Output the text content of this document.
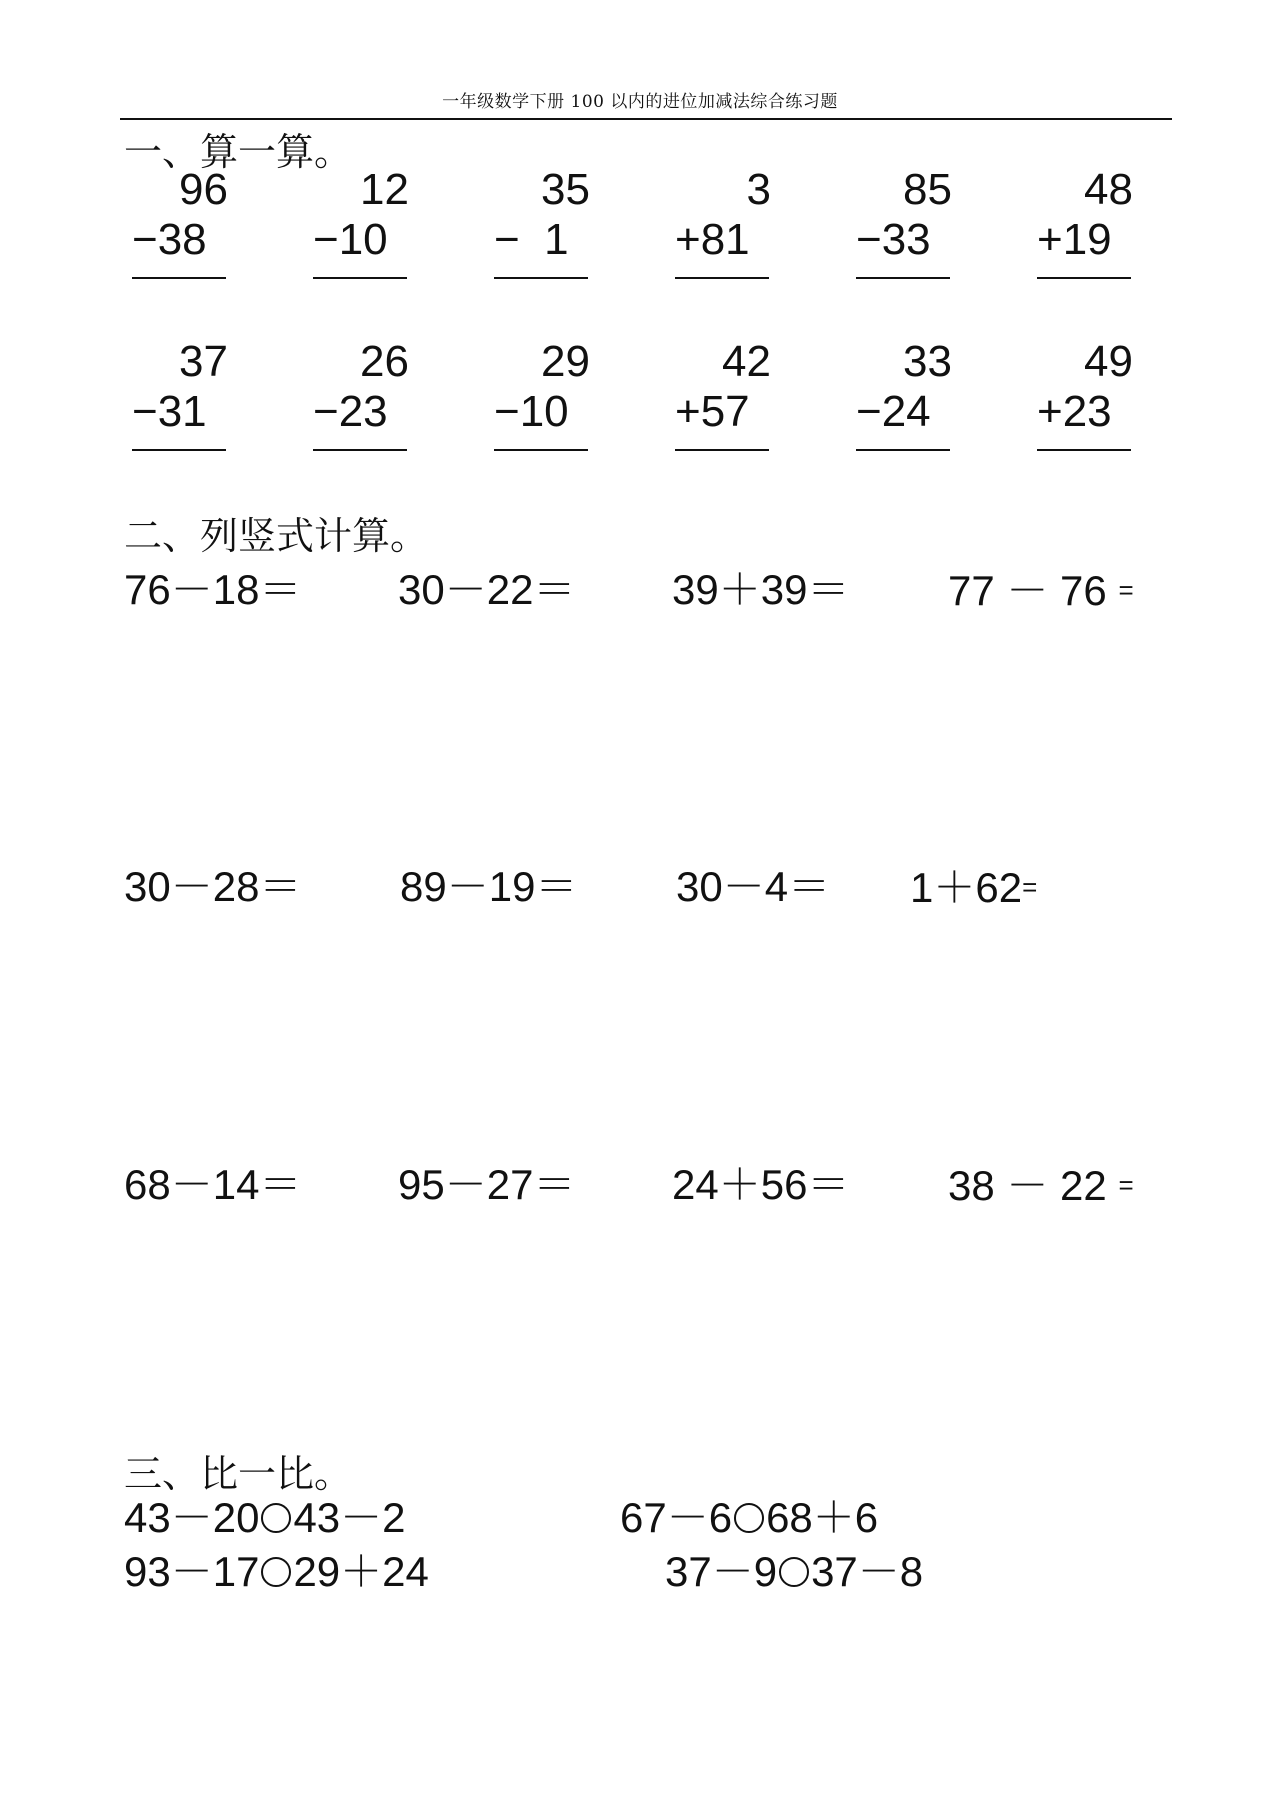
一年级数学下册 100 以内的进位加减法综合练习题
一、算一算。
96
−38
12
−10
35
−  1
3
+81
85
−33
48
+19
37
−31
26
−23
29
−10
42
+57
33
−24
49
+23
二、列竖式计算。
76－18＝ 30－22＝ 39＋39＝ 77 － 76 =
30－28＝ 89－19＝ 30－4＝ 1＋62=
68－14＝ 95－27＝ 24＋56＝ 38 － 22 =
三、比一比。
43－20 43－2	67－6 68＋6
93－17 29＋24	37－9 37－8
